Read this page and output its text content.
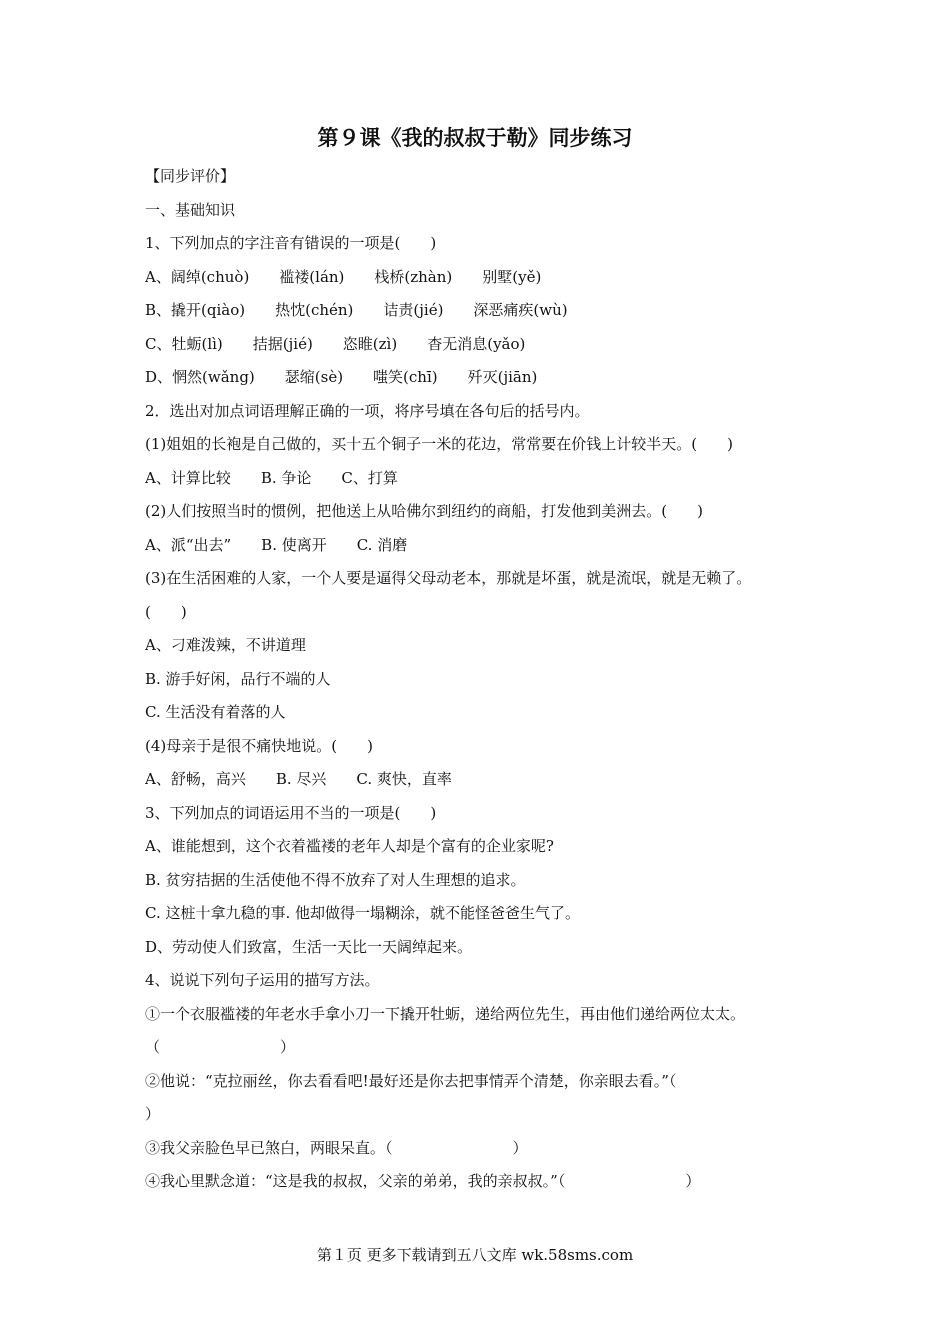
第９课《我的叔叔于勒》同步练习
【同步评价】
一、基础知识
1、下列加点的字注音有错误的一项是(　　)
A、阔绰(chuò)　　褴褛(lán)　　栈桥(zhàn)　　别墅(yě)
B、撬开(qiào)　　热忱(chén)　　诘责(jié)　　深恶痛疾(wù)
C、牡蛎(lì)　　拮据(jié)　　恣睢(zì)　　杳无消息(yǎo)
D、惘然(wǎng)　　瑟缩(sè)　　嗤笑(chī)　　歼灭(jiān)
2．选出对加点词语理解正确的一项，将序号填在各句后的括号内。
(1)姐姐的长袍是自己做的，买十五个铜子一米的花边，常常要在价钱上计较半天。(　　)
A、计算比较　　B. 争论　　C、打算
(2)人们按照当时的惯例，把他送上从哈佛尔到纽约的商船，打发他到美洲去。(　　)
A、派“出去”　　B. 使离开　　C. 消磨
(3)在生活困难的人家，一个人要是逼得父母动老本，那就是坏蛋，就是流氓，就是无赖了。
(　　)
A、刁难泼辣，不讲道理
B. 游手好闲，品行不端的人
C. 生活没有着落的人
(4)母亲于是很不痛快地说。(　　)
A、舒畅，高兴　　B. 尽兴　　C. 爽快，直率
3、下列加点的词语运用不当的一项是(　　)
A、谁能想到，这个衣着褴褛的老年人却是个富有的企业家呢?
B. 贫穷拮据的生活使他不得不放弃了对人生理想的追求。
C. 这桩十拿九稳的事. 他却做得一塌糊涂，就不能怪爸爸生气了。
D、劳动使人们致富，生活一天比一天阔绰起来。
4、说说下列句子运用的描写方法。
①一个衣服褴褛的年老水手拿小刀一下撬开牡蛎，递给两位先生，再由他们递给两位太太。
（　　　　　　　　）
②他说：“克拉丽丝，你去看看吧!最好还是你去把事情弄个清楚，你亲眼去看。”（
）
③我父亲脸色早已煞白，两眼呆直。（　　　　　　　　）
④我心里默念道：“这是我的叔叔，父亲的弟弟，我的亲叔叔。”（　　　　　　　　）
第１页 更多下载请到五八文库 wk.58sms.com
